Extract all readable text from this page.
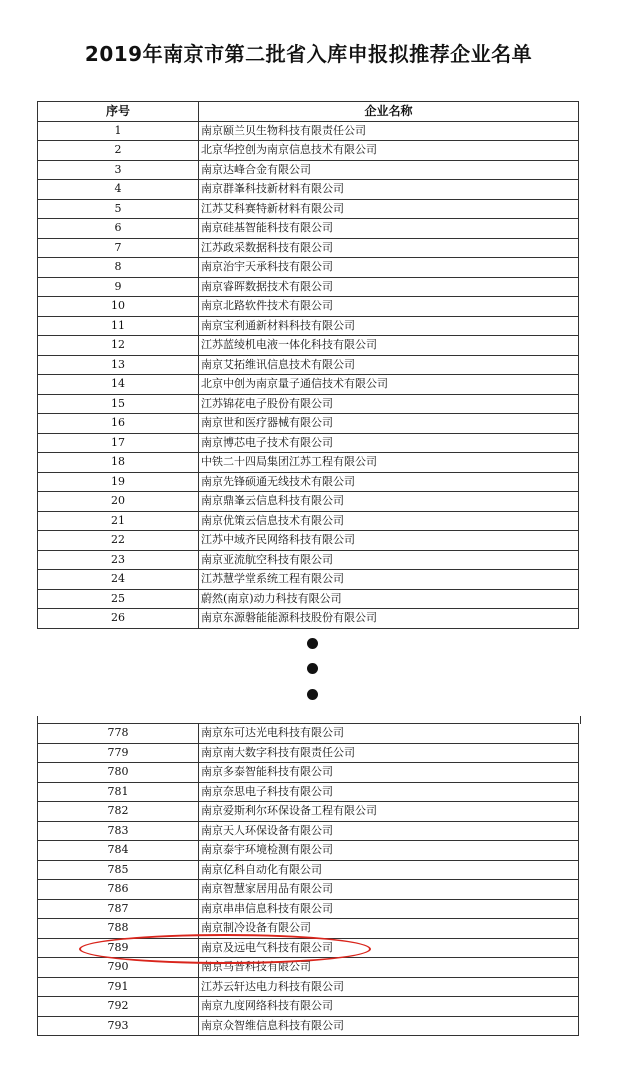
2019年南京市第二批省入库申报拟推荐企业名单
序号	企业名称
1	南京颐兰贝生物科技有限责任公司
2	北京华控创为南京信息技术有限公司
3	南京达峰合金有限公司
4	南京群峯科技新材料有限公司
5	江苏艾科赛特新材料有限公司
6	南京硅基智能科技有限公司
7	江苏政采数据科技有限公司
8	南京治宇天承科技有限公司
9	南京睿晖数据技术有限公司
10	南京北路软件技术有限公司
11	南京宝利通新材料科技有限公司
12	江苏蓝绫机电液一体化科技有限公司
13	南京艾拓维讯信息技术有限公司
14	北京中创为南京量子通信技术有限公司
15	江苏锦花电子股份有限公司
16	南京世和医疗器械有限公司
17	南京博芯电子技术有限公司
18	中铁二十四局集团江苏工程有限公司
19	南京先锋硕通无线技术有限公司
20	南京鼎峯云信息科技有限公司
21	南京优策云信息技术有限公司
22	江苏中域齐民网络科技有限公司
23	南京亚流航空科技有限公司
24	江苏慧学堂系统工程有限公司
25	蔚然(南京)动力科技有限公司
26	南京东源磐能能源科技股份有限公司
778	南京东可达光电科技有限公司
779	南京南大数字科技有限责任公司
780	南京多泰智能科技有限公司
781	南京奈思电子科技有限公司
782	南京爱斯利尔环保设备工程有限公司
783	南京天人环保设备有限公司
784	南京泰宇环境检测有限公司
785	南京亿科自动化有限公司
786	南京智慧家居用品有限公司
787	南京串串信息科技有限公司
788	南京制冷设备有限公司
789	南京及远电气科技有限公司
790	南京马普科技有限公司
791	江苏云轩达电力科技有限公司
792	南京九度网络科技有限公司
793	南京众智维信息科技有限公司
